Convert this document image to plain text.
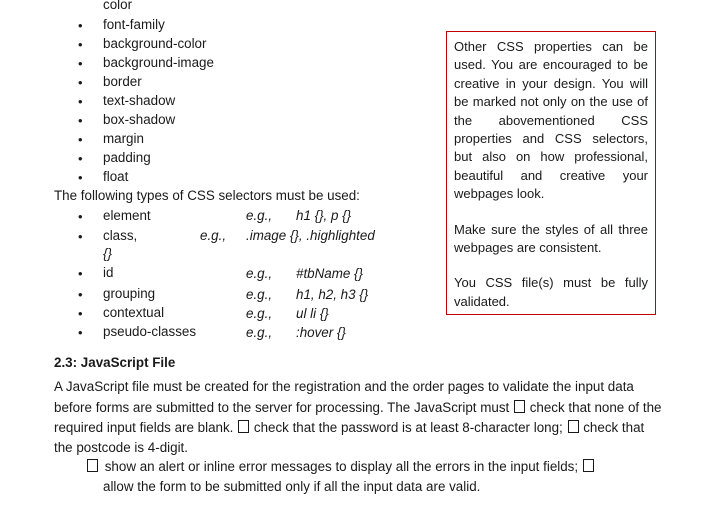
color
• font-family
• background-color
• background-image
• border
• text-shadow
• box-shadow
• margin
• padding
• float
The following types of CSS selectors must be used:
• element	e.g., h1 {}, p {}
• class,	e.g., .image {}, .highlighted
{}
• id	e.g., #tbName {}
• grouping	e.g., h1, h2, h3 {}
• contextual	e.g., ul li {}
• pseudo-classes	e.g., :hover {}

Other CSS properties can be used. You are encouraged to be creative in your design. You will be marked not only on the use of the abovementioned CSS properties and CSS selectors, but also on how professional, beautiful and creative your webpages look.

Make sure the styles of all three webpages are consistent.

You CSS file(s) must be fully validated.

2.3: JavaScript File
A JavaScript file must be created for the registration and the order pages to validate the input data
before forms are submitted to the server for processing. The JavaScript must check that none of the
required input fields are blank. check that the password is at least 8-character long; check that
the postcode is 4-digit.
show an alert or inline error messages to display all the errors in the input fields;
allow the form to be submitted only if all the input data are valid.
